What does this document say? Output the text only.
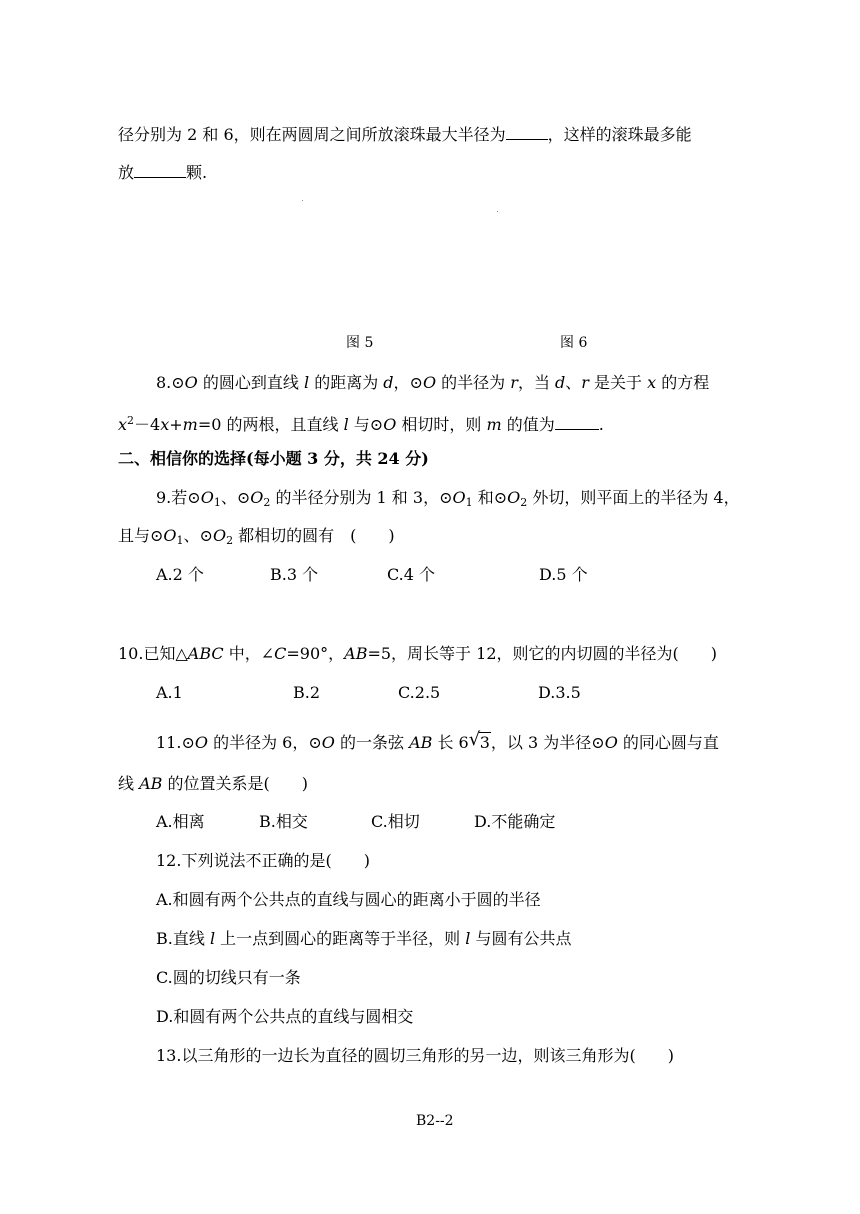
径分别为 2 和 6，则在两圆周之间所放滚珠最大半径为	，这样的滚珠最多能
放	颗.
图 5	图 6
8.⊙O 的圆心到直线 l 的距离为 d，⊙O 的半径为 r，当 d、r 是关于 x 的方程
$x^2-4x+m=0$ 的两根，且直线 l 与⊙O 相切时，则 m 的值为	.
二、相信你的选择(每小题 3 分，共 24 分)
9.若$⊙O_1$、$⊙O_2$ 的半径分别为 1 和 3，$⊙O_1$ 和$⊙O_2$ 外切，则平面上的半径为 4，
且与$⊙O_1$、$⊙O_2$ 都相切的圆有　(　　)
A.2 个	B.3 个	C.4 个	D.5 个
10.已知△ABC 中，∠C=90°，AB=5，周长等于 12，则它的内切圆的半径为(　　)
A.1	B.2	C.2.5	D.3.5
11.⊙O 的半径为 6，⊙O 的一条弦 AB 长 6 √ 3，以 3 为半径⊙O 的同心圆与直
线 AB 的位置关系是(　　)
A.相离	B.相交	C.相切	D.不能确定
12.下列说法不正确的是(　　)
A.和圆有两个公共点的直线与圆心的距离小于圆的半径
B.直线 l 上一点到圆心的距离等于半径，则 l 与圆有公共点
C.圆的切线只有一条
D.和圆有两个公共点的直线与圆相交
13.以三角形的一边长为直径的圆切三角形的另一边，则该三角形为(　　)
B2--2
